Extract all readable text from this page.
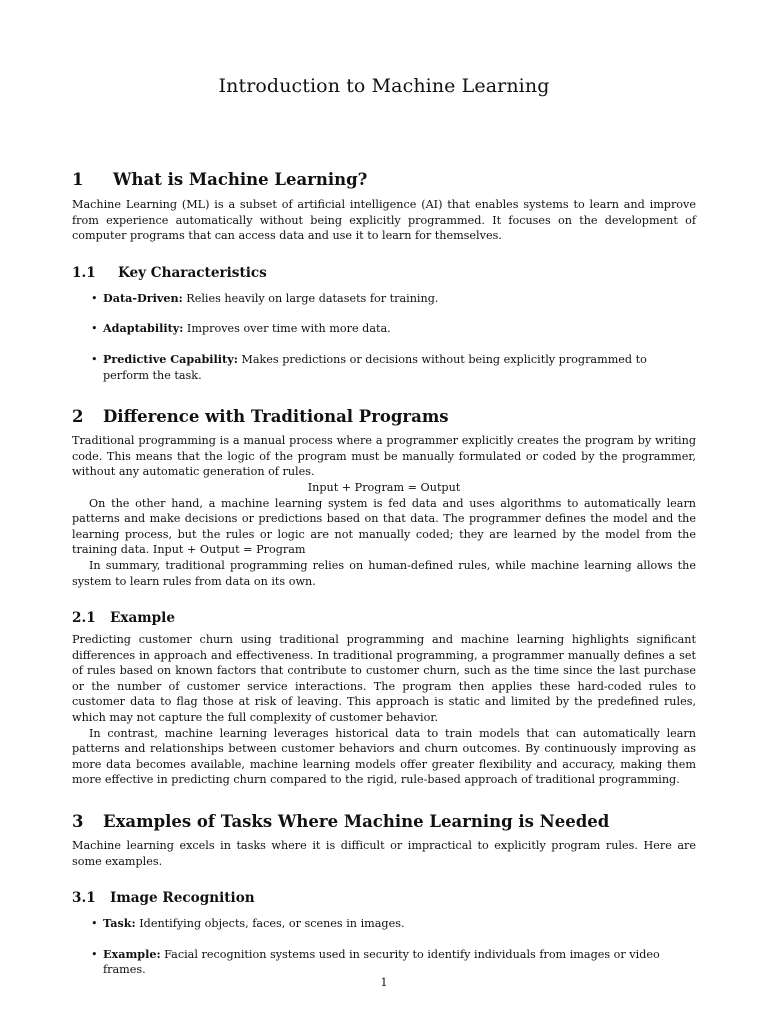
Introduction to Machine Learning
1 What is Machine Learning?

Machine Learning (ML) is a subset of artificial intelligence (AI) that enables systems to learn and improve from experience automatically without being explicitly programmed. It focuses on the development of computer programs that can access data and use it to learn for themselves.

1.1 Key Characteristics
• Data-Driven: Relies heavily on large datasets for training.
• Adaptability: Improves over time with more data.
• Predictive Capability: Makes predictions or decisions without being explicitly programmed to perform the task.
2 Difference with Traditional Programs

Traditional programming is a manual process where a programmer explicitly creates the program by writing code. This means that the logic of the program must be manually formulated or coded by the programmer, without any automatic generation of rules.

Input + Program = Output

On the other hand, a machine learning system is fed data and uses algorithms to automatically learn patterns and make decisions or predictions based on that data. The programmer defines the model and the learning process, but the rules or logic are not manually coded; they are learned by the model from the training data. Input + Output = Program

In summary, traditional programming relies on human-defined rules, while machine learning allows the system to learn rules from data on its own.

2.1 Example

Predicting customer churn using traditional programming and machine learning highlights significant differences in approach and effectiveness. In traditional programming, a programmer manually defines a set of rules based on known factors that contribute to customer churn, such as the time since the last purchase or the number of customer service interactions. The program then applies these hard-coded rules to customer data to flag those at risk of leaving. This approach is static and limited by the predefined rules, which may not capture the full complexity of customer behavior.

In contrast, machine learning leverages historical data to train models that can automatically learn patterns and relationships between customer behaviors and churn outcomes. By continuously improving as more data becomes available, machine learning models offer greater flexibility and accuracy, making them more effective in predicting churn compared to the rigid, rule-based approach of traditional programming.

3 Examples of Tasks Where Machine Learning is Needed

Machine learning excels in tasks where it is difficult or impractical to explicitly program rules. Here are some examples.

3.1 Image Recognition
• Task: Identifying objects, faces, or scenes in images.
• Example: Facial recognition systems used in security to identify individuals from images or video frames.
1
